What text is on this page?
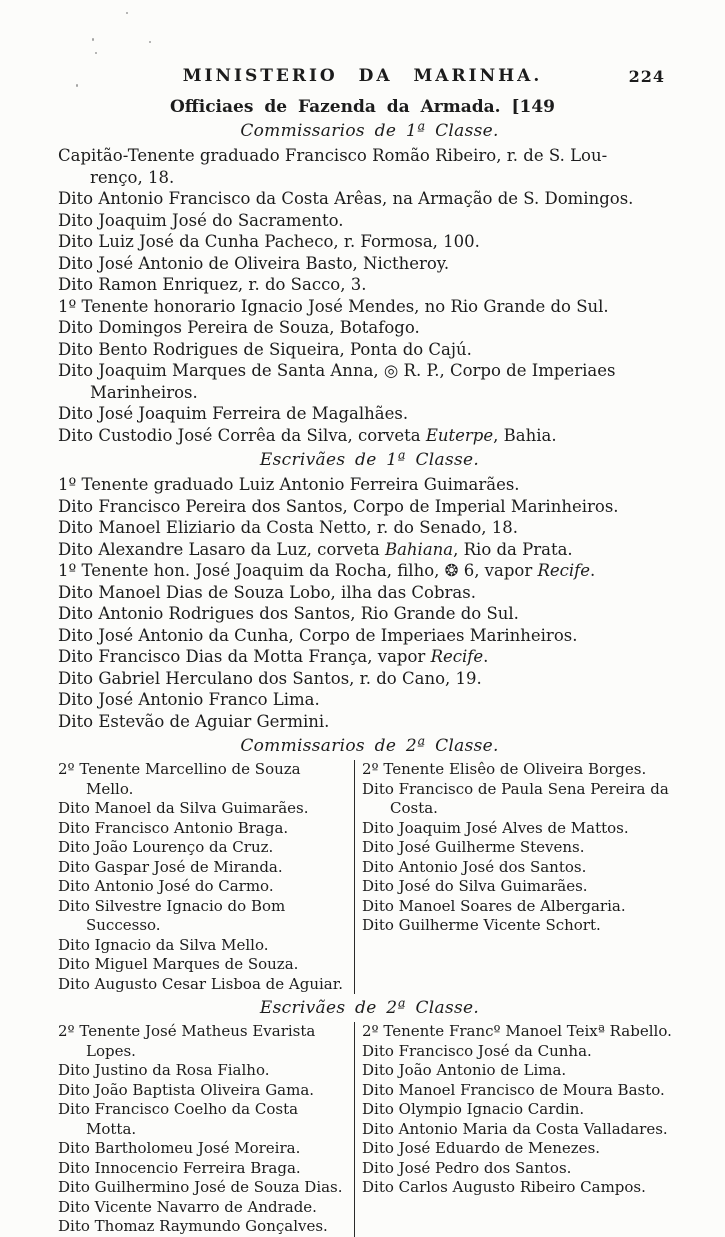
MINISTERIO DA MARINHA.	224

Officiaes de Fazenda da Armada. [149

Commissarios de 1ª Classe.

Capitão-Tenente graduado Francisco Romão Ribeiro, r. de S. Lou-
renço, 18.

Dito Antonio Francisco da Costa Arêas, na Armação de S. Domingos.

Dito Joaquim José do Sacramento.

Dito Luiz José da Cunha Pacheco, r. Formosa, 100.

Dito José Antonio de Oliveira Basto, Nictheroy.

Dito Ramon Enriquez, r. do Sacco, 3.

1º Tenente honorario Ignacio José Mendes, no Rio Grande do Sul.

Dito Domingos Pereira de Souza, Botafogo.

Dito Bento Rodrigues de Siqueira, Ponta do Cajú.

Dito Joaquim Marques de Santa Anna, ◎ R. P., Corpo de Imperiaes
Marinheiros.

Dito José Joaquim Ferreira de Magalhães.

Dito Custodio José Corrêa da Silva, corveta Euterpe, Bahia.

Escrivães de 1ª Classe.

1º Tenente graduado Luiz Antonio Ferreira Guimarães.

Dito Francisco Pereira dos Santos, Corpo de Imperial Marinheiros.

Dito Manoel Eliziario da Costa Netto, r. do Senado, 18.

Dito Alexandre Lasaro da Luz, corveta Bahiana, Rio da Prata.

1º Tenente hon. José Joaquim da Rocha, filho, ❂ 6, vapor Recife.

Dito Manoel Dias de Souza Lobo, ilha das Cobras.

Dito Antonio Rodrigues dos Santos, Rio Grande do Sul.

Dito José Antonio da Cunha, Corpo de Imperiaes Marinheiros.

Dito Francisco Dias da Motta França, vapor Recife.

Dito Gabriel Herculano dos Santos, r. do Cano, 19.

Dito José Antonio Franco Lima.

Dito Estevão de Aguiar Germini.

Commissarios de 2ª Classe.

2º Tenente Marcellino de Souza Mello.

Dito Manoel da Silva Guimarães.

Dito Francisco Antonio Braga.

Dito João Lourenço da Cruz.

Dito Gaspar José de Miranda.

Dito Antonio José do Carmo.

Dito Silvestre Ignacio do Bom Successo.

Dito Ignacio da Silva Mello.

Dito Miguel Marques de Souza.

Dito Augusto Cesar Lisboa de Aguiar.

2º Tenente Elisêo de Oliveira Borges.

Dito Francisco de Paula Sena Pereira da
Costa.

Dito Joaquim José Alves de Mattos.

Dito José Guilherme Stevens.

Dito Antonio José dos Santos.

Dito José do Silva Guimarães.

Dito Manoel Soares de Albergaria.

Dito Guilherme Vicente Schort.

Escrivães de 2ª Classe.

2º Tenente José Matheus Evarista Lopes.

Dito Justino da Rosa Fialho.

Dito João Baptista Oliveira Gama.

Dito Francisco Coelho da Costa Motta.

Dito Bartholomeu José Moreira.

Dito Innocencio Ferreira Braga.

Dito Guilhermino José de Souza Dias.

Dito Vicente Navarro de Andrade.

Dito Thomaz Raymundo Gonçalves.

2º Tenente Francº Manoel Teixª Rabello.

Dito Francisco José da Cunha.

Dito João Antonio de Lima.

Dito Manoel Francisco de Moura Basto.

Dito Olympio Ignacio Cardin.

Dito Antonio Maria da Costa Valladares.

Dito José Eduardo de Menezes.

Dito José Pedro dos Santos.

Dito Carlos Augusto Ribeiro Campos.
